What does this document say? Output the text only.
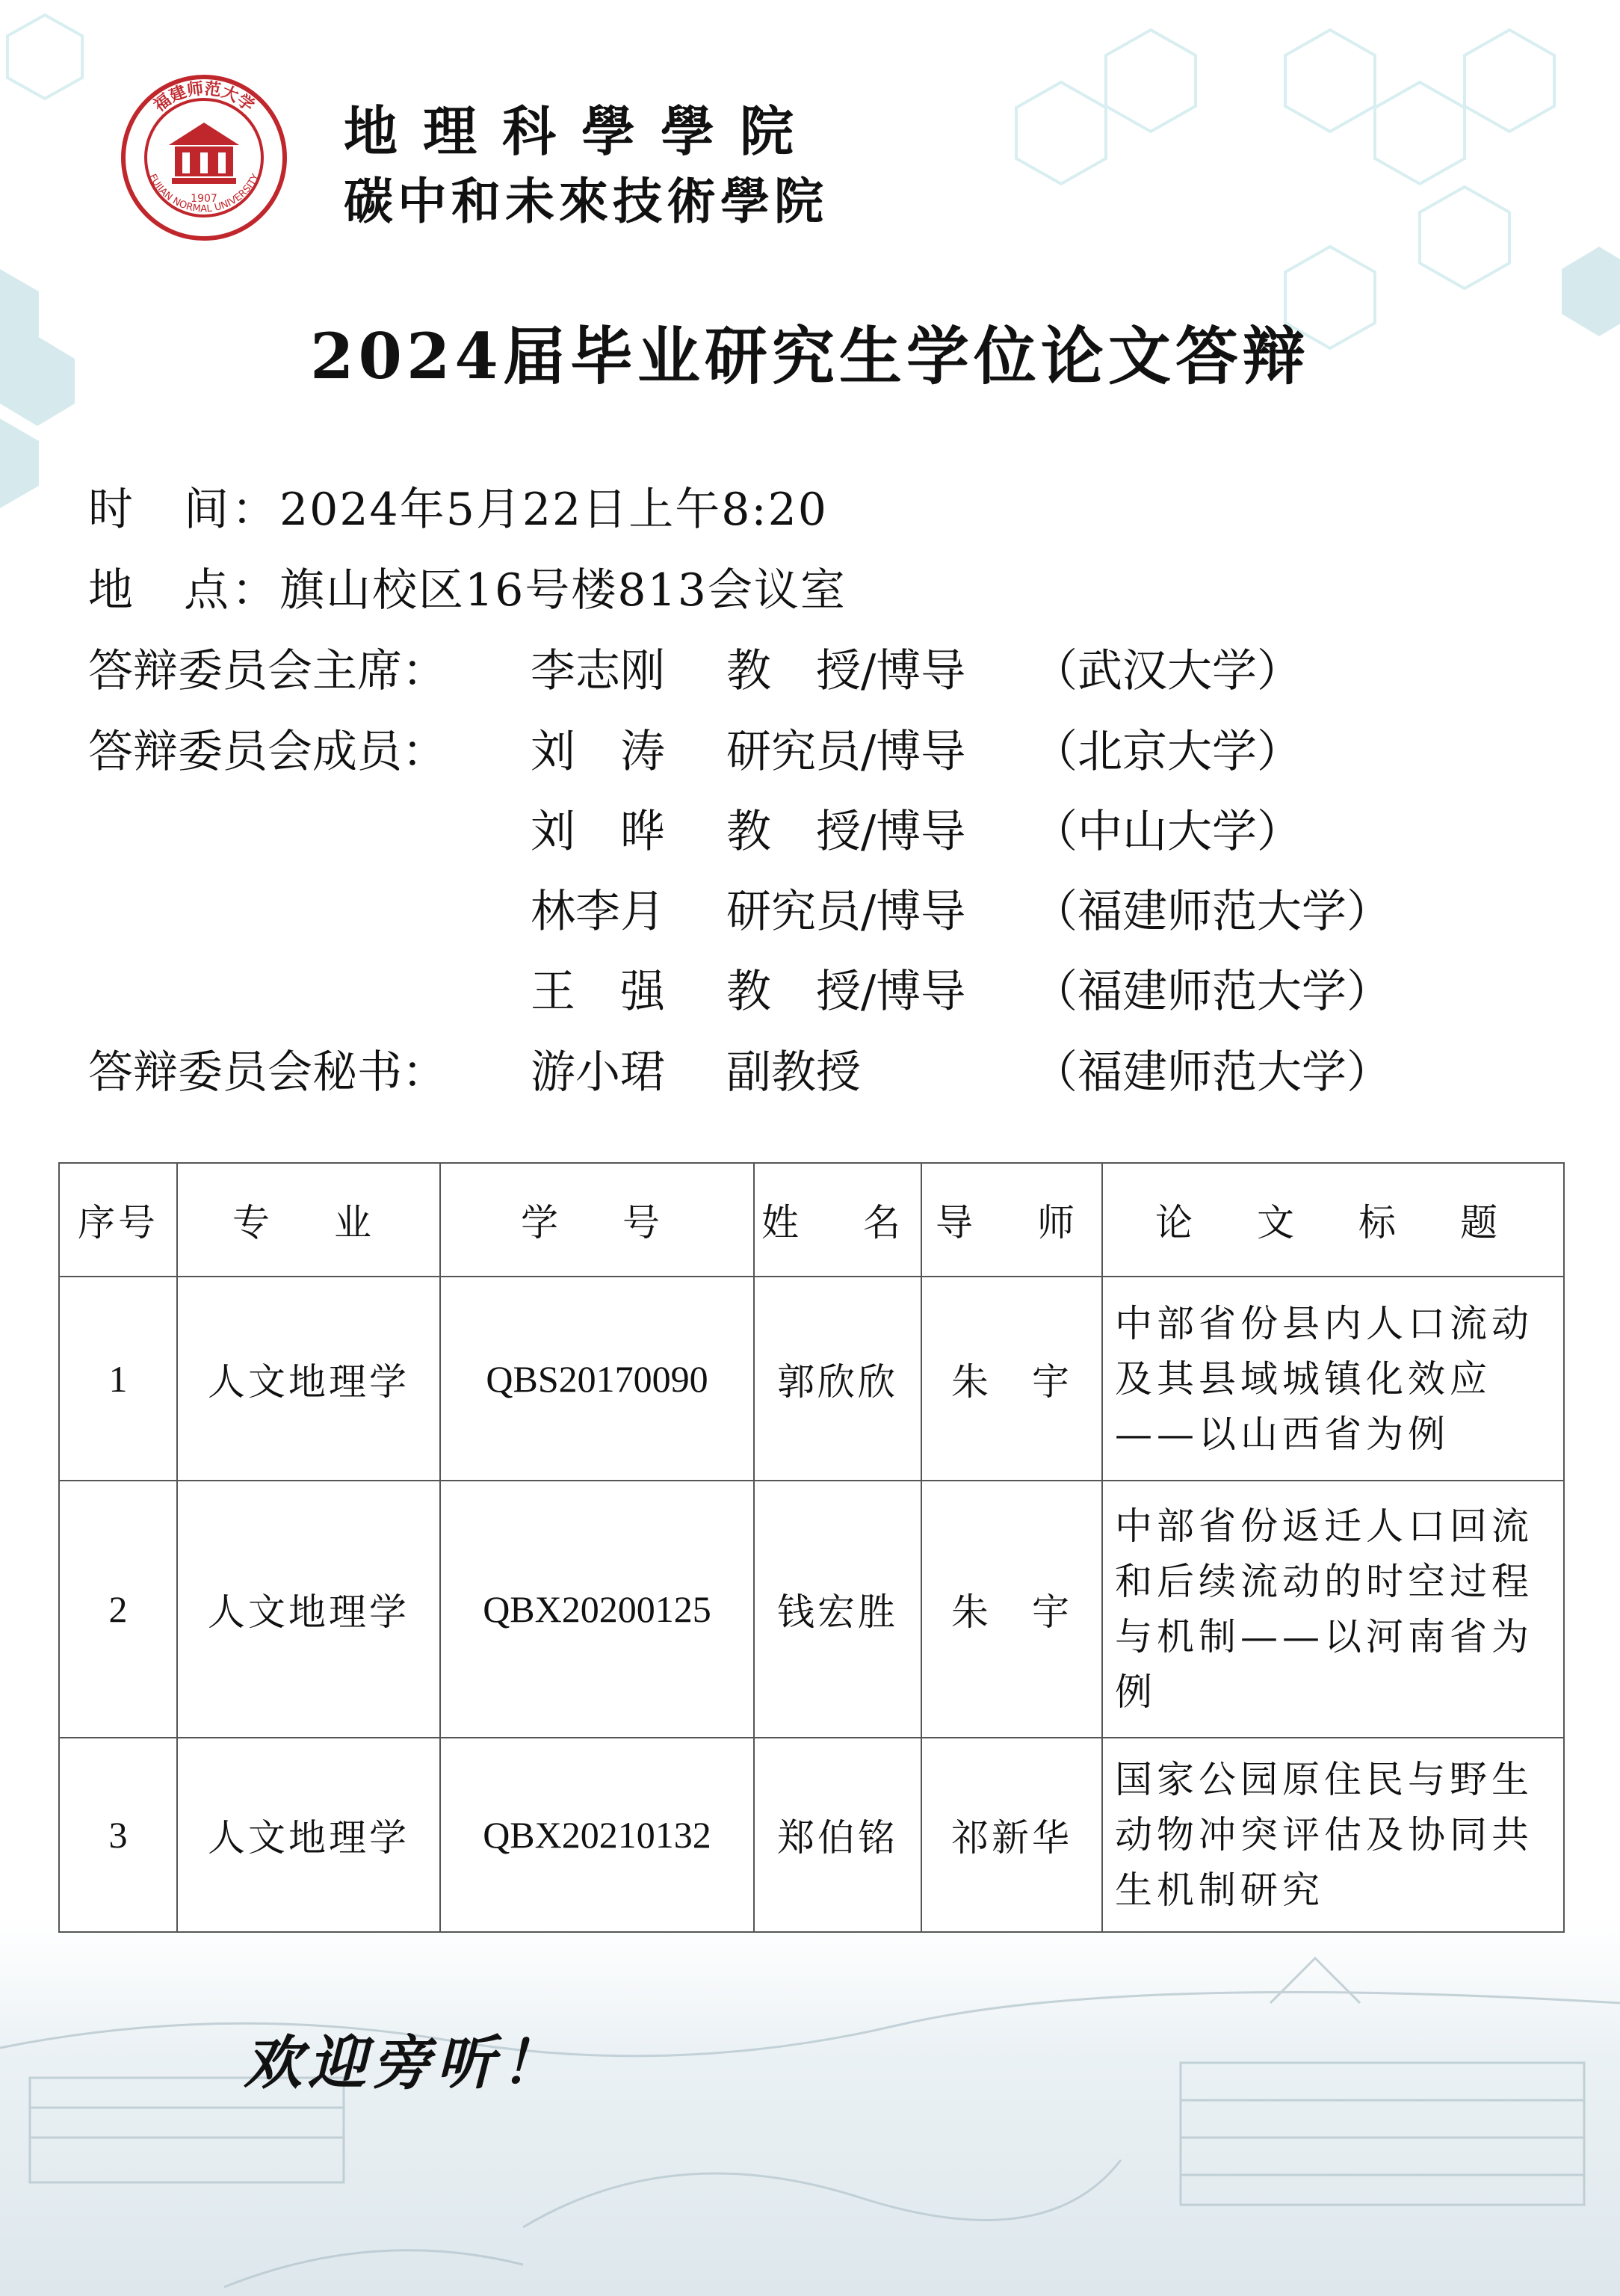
福建师范大学
FUJIAN NORMAL UNIVERSITY
1907
地理科學學院
碳中和未來技術學院
2024届毕业研究生学位论文答辩
时　间：2024年5月22日上午8:20
地　点：旗山校区16号楼813会议室
答辩委员会主席： 李志刚 教　授/博导 （武汉大学）
答辩委员会成员： 刘　涛 研究员/博导 （北京大学）
刘　晔 教　授/博导 （中山大学）
林李月 研究员/博导 （福建师范大学）
王　强 教　授/博导 （福建师范大学）
答辩委员会秘书： 游小珺 副教授	（福建师范大学）
序号	专　业	学　号	姓　名	导　师	论　文　标　题
1	人文地理学	QBS20170090	郭欣欣	朱　宇	中部省份县内人口流动及其县域城镇化效应——以山西省为例
2	人文地理学	QBX20200125	钱宏胜	朱　宇	中部省份返迁人口回流和后续流动的时空过程与机制——以河南省为例
3	人文地理学	QBX20210132	郑伯铭	祁新华	国家公园原住民与野生动物冲突评估及协同共生机制研究
欢迎旁听！
